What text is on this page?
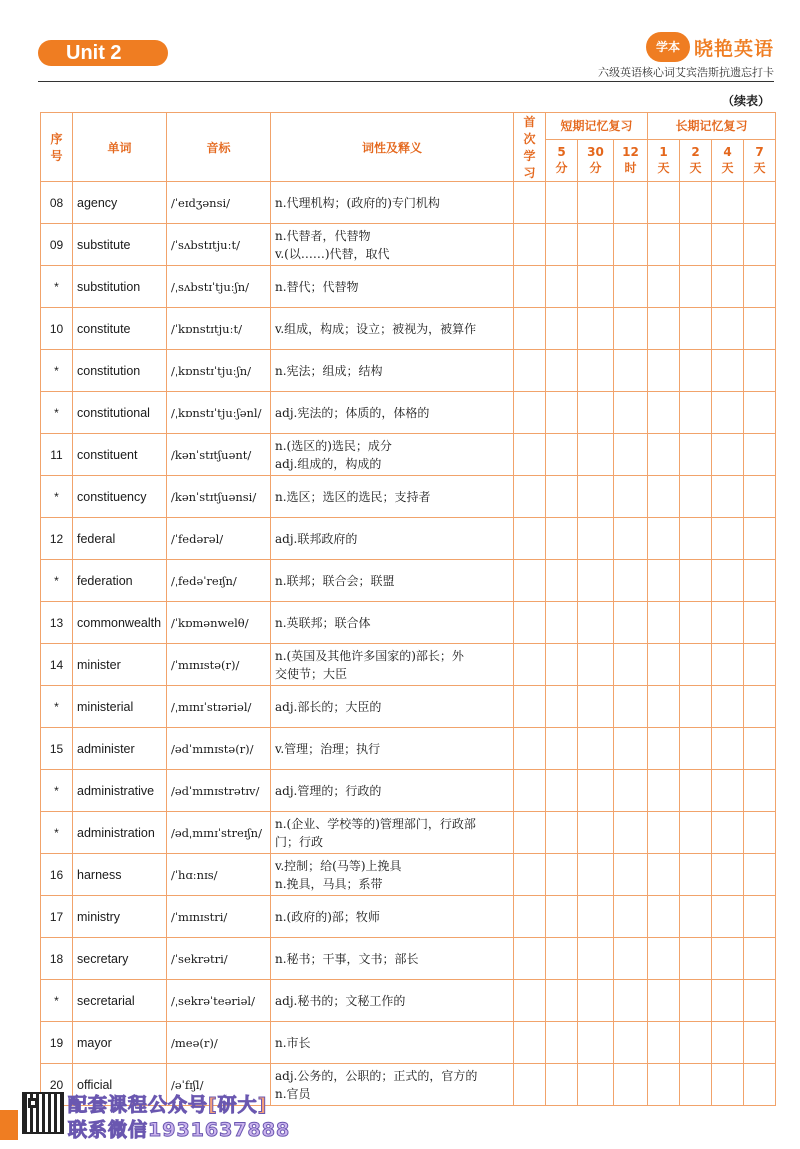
Unit 2	学本 晓艳英语
六级英语核心词艾宾浩斯抗遗忘打卡
（续表）
序号	单词	音标	词性及释义	首次学习	短期记忆复习			长期记忆复习			
					5 分	30 分	12 时	1 天	2 天	4 天	7 天
08	agency	/ˈeɪdʒənsi/	n.代理机构；(政府的)专门机构								

09	substitute	/ˈsʌbstɪtjuːt/	n.代替者，代替物
v.(以……)代替，取代								

*	substitution	/ˌsʌbstɪˈtjuːʃn/	n.替代；代替物								

10	constitute	/ˈkɒnstɪtjuːt/	v.组成，构成；设立；被视为，被算作								

*	constitution	/ˌkɒnstɪˈtjuːʃn/	n.宪法；组成；结构								

*	constitutional	/ˌkɒnstɪˈtjuːʃənl/	adj.宪法的；体质的，体格的								

11	constituent	/kənˈstɪtʃuənt/	n.(选区的)选民；成分
adj.组成的，构成的								

*	constituency	/kənˈstɪtʃuənsi/	n.选区；选区的选民；支持者								

12	federal	/ˈfedərəl/	adj.联邦政府的								

*	federation	/ˌfedəˈreɪʃn/	n.联邦；联合会；联盟								

13	commonwealth	/ˈkɒmənwelθ/	n.英联邦；联合体								

14	minister	/ˈmɪnɪstə(r)/	n.(英国及其他许多国家的)部长；外
交使节；大臣								

*	ministerial	/ˌmɪnɪˈstɪəriəl/	adj.部长的；大臣的								

15	administer	/ədˈmɪnɪstə(r)/	v.管理；治理；执行								

*	administrative	/ədˈmɪnɪstrətɪv/	adj.管理的；行政的								

*	administration	/ədˌmɪnɪˈstreɪʃn/	n.(企业、学校等的)管理部门，行政部
门；行政								

16	harness	/ˈhɑːnɪs/	v.控制；给(马等)上挽具
n.挽具，马具；系带								

17	ministry	/ˈmɪnɪstri/	n.(政府的)部；牧师								

18	secretary	/ˈsekrətri/	n.秘书；干事，文书；部长								

*	secretarial	/ˌsekrəˈteəriəl/	adj.秘书的；文秘工作的								

19	mayor	/meə(r)/	n.市长								

20	official	/əˈfɪʃl/	adj.公务的，公职的；正式的，官方的
n.官员								

配套课程公众号[研大]
联系微信1931637888
